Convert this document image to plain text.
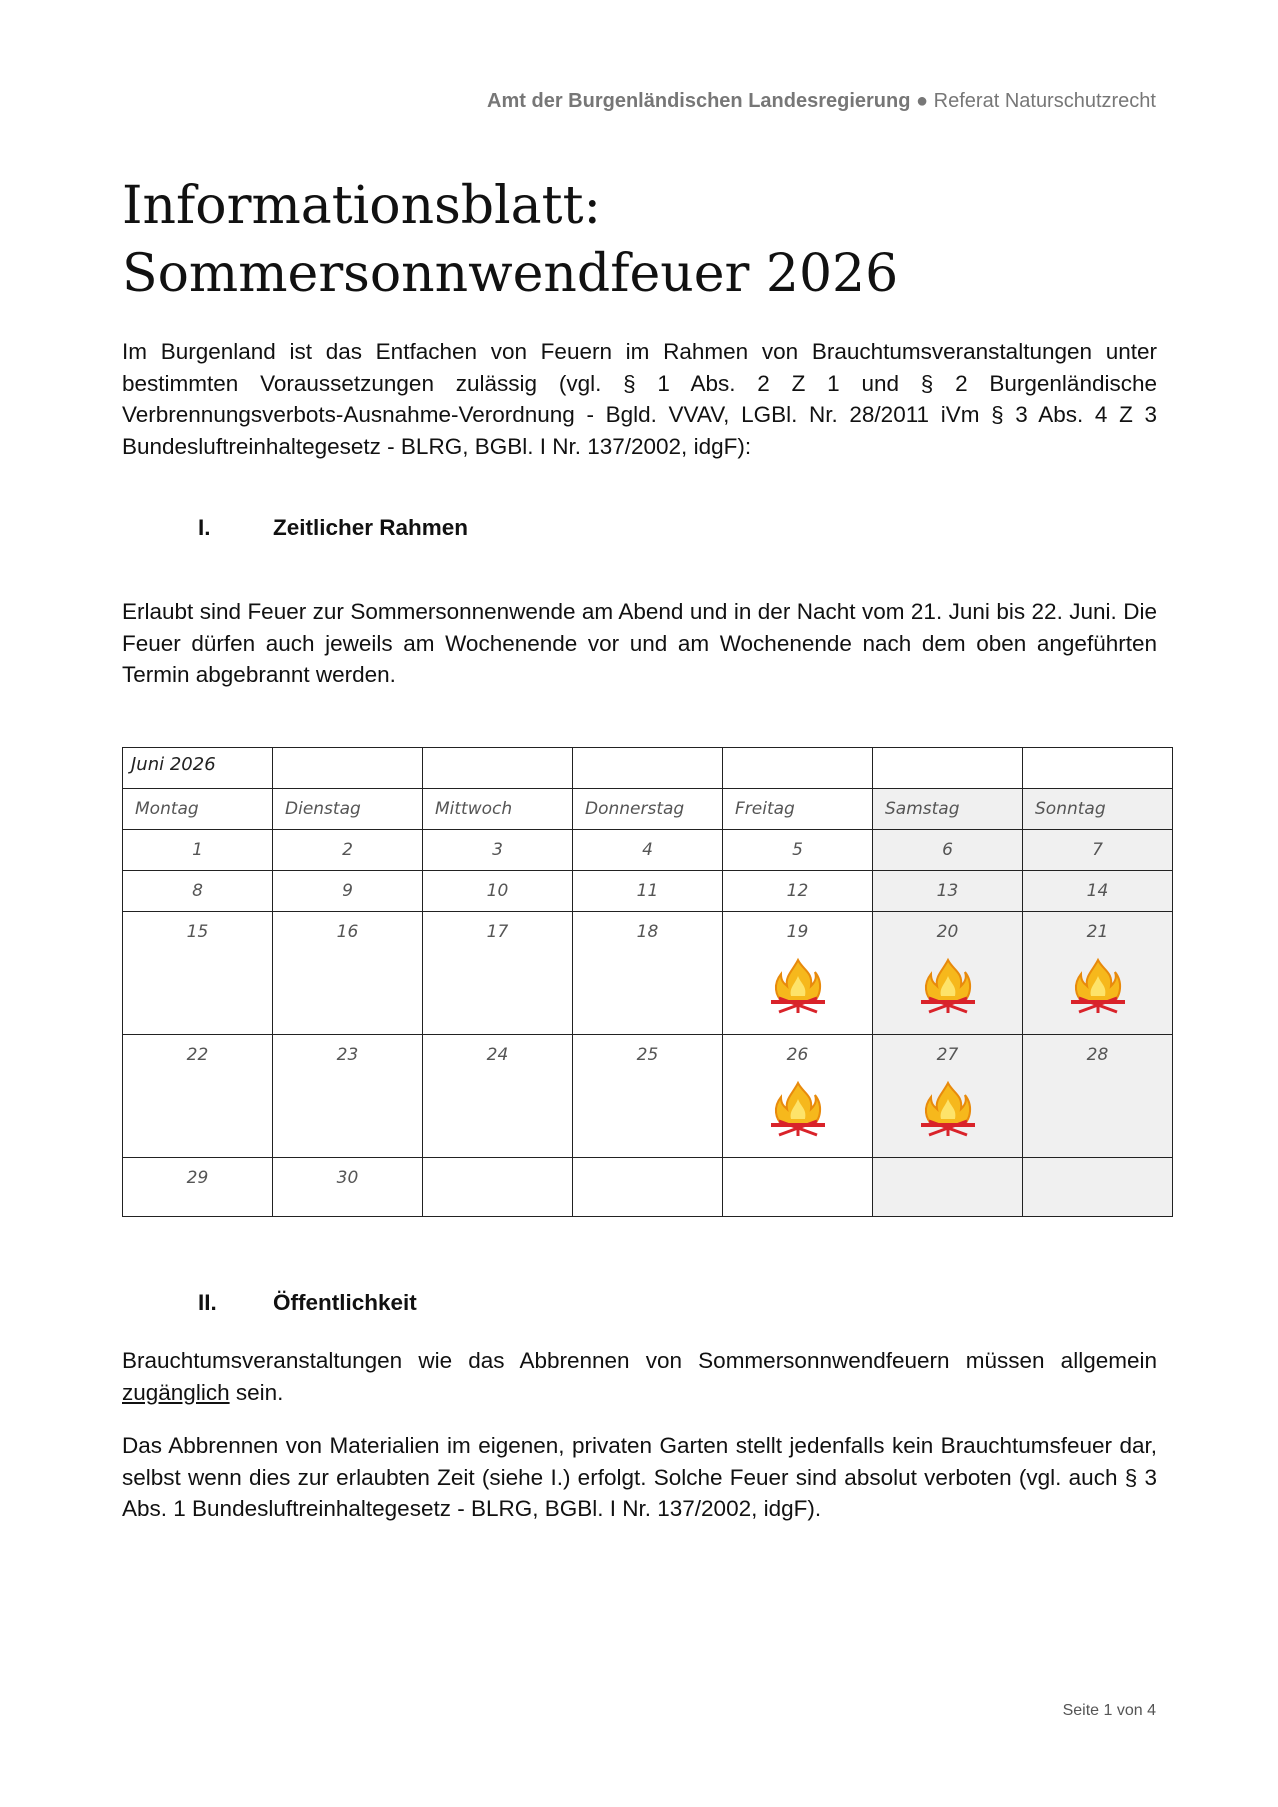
Amt der Burgenländischen Landesregierung ● Referat Naturschutzrecht
Informationsblatt:
Sommersonnwendfeuer 2026

Im Burgenland ist das Entfachen von Feuern im Rahmen von Brauchtumsveranstaltungen unter bestimmten Voraussetzungen zulässig (vgl. § 1 Abs. 2 Z 1 und § 2 Burgenländische Verbrennungsverbots-Ausnahme-Verordnung - Bgld. VVAV, LGBl. Nr. 28/2011 iVm § 3 Abs. 4 Z 3 Bundesluftreinhaltegesetz - BLRG, BGBl. I Nr. 137/2002, idgF):

I.	Zeitlicher Rahmen

Erlaubt sind Feuer zur Sommersonnenwende am Abend und in der Nacht vom 21. Juni bis 22. Juni. Die Feuer dürfen auch jeweils am Wochenende vor und am Wochenende nach dem oben angeführten Termin abgebrannt werden.

Juni 2026						

Montag	Dienstag	Mittwoch	Donnerstag	Freitag	Samstag	Sonntag

1	2	3	4	5	6	7

8	9	10	11	12	13	14

15	16	17	18	19	20	21

22	23	24	25	26	27	28

29	30					

II. Öffentlichkeit

Brauchtumsveranstaltungen wie das Abbrennen von Sommersonnwendfeuern müssen allgemein zugänglich sein.

Das Abbrennen von Materialien im eigenen, privaten Garten stellt jedenfalls kein Brauchtumsfeuer dar, selbst wenn dies zur erlaubten Zeit (siehe I.) erfolgt. Solche Feuer sind absolut verboten (vgl. auch § 3 Abs. 1 Bundesluftreinhaltegesetz - BLRG, BGBl. I Nr. 137/2002, idgF).

Seite 1 von 4
